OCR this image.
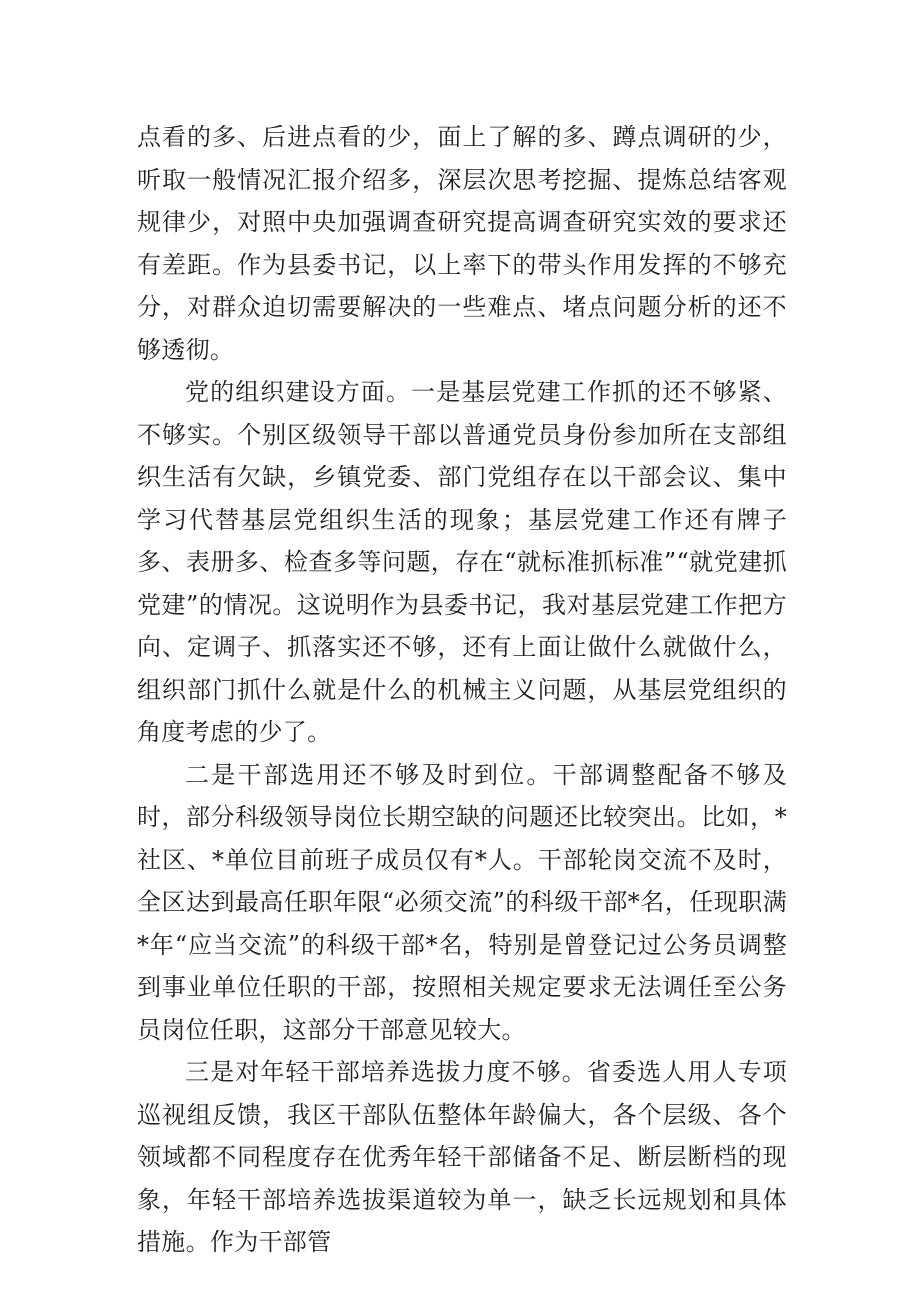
点看的多、后进点看的少，面上了解的多、蹲点调研的少，听取一般情况汇报介绍多，深层次思考挖掘、提炼总结客观规律少，对照中央加强调查研究提高调查研究实效的要求还有差距。作为县委书记，以上率下的带头作用发挥的不够充分，对群众迫切需要解决的一些难点、堵点问题分析的还不够透彻。

党的组织建设方面。一是基层党建工作抓的还不够紧、不够实。个别区级领导干部以普通党员身份参加所在支部组织生活有欠缺，乡镇党委、部门党组存在以干部会议、集中学习代替基层党组织生活的现象；基层党建工作还有牌子多、表册多、检查多等问题，存在“就标准抓标准”“就党建抓党建”的情况。这说明作为县委书记，我对基层党建工作把方向、定调子、抓落实还不够，还有上面让做什么就做什么，组织部门抓什么就是什么的机械主义问题，从基层党组织的角度考虑的少了。

二是干部选用还不够及时到位。干部调整配备不够及时，部分科级领导岗位长期空缺的问题还比较突出。比如，*社区、*单位目前班子成员仅有*人。干部轮岗交流不及时，全区达到最高任职年限“必须交流”的科级干部*名，任现职满*年“应当交流”的科级干部*名，特别是曾登记过公务员调整到事业单位任职的干部，按照相关规定要求无法调任至公务员岗位任职，这部分干部意见较大。

三是对年轻干部培养选拔力度不够。省委选人用人专项巡视组反馈，我区干部队伍整体年龄偏大，各个层级、各个领域都不同程度存在优秀年轻干部储备不足、断层断档的现象，年轻干部培养选拔渠道较为单一，缺乏长远规划和具体措施。作为干部管
